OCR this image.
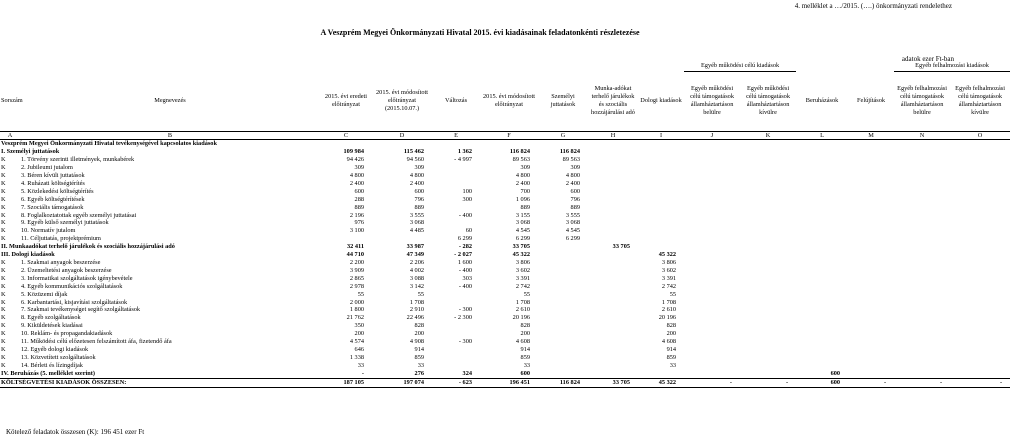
4. melléklet a …/2015. (….) önkormányzati rendelethez
A Veszprém Megyei Önkormányzati Hivatal 2015. évi kiadásainak feladatonkénti részletezése
adatok ezer Ft-ban
									Egyéb működési célú kiadások				Egyéb felhalmozási kiadások	
Sorszám	Megnevezés	2015. évi eredeti előirányzat	2015. évi módosított előirányzat (2015.10.07.)	Változás	2015. évi módosított előirányzat	Személyi juttatások	Munka-adókat terhelő járulékok és szociális hozzájárulási adó	Dologi kiadások	Egyéb működési célú támogatások államháztartáson belülre	Egyéb működési célú támogatások államháztartáson kívülre	Beruházások	Felújítások	Egyéb felhalmozási célú támogatások államháztartáson belülre	Egyéb felhalmozási célú támogatások államháztartáson kívülre
A	B	C	D	E	F	G	H	I	J	K	L	M	N	O
Veszprém Megyei Önkormányzati Hivatal tevékenységével kapcsolatos kiadások														
I. Személyi juttatások		109 984	115 462	1 362	116 824	116 824								
K	1. Törvény szerinti illetmények, munkabérek	94 426	94 560	- 4 997	89 563	89 563								
K	2. Jubileumi jutalom	309	309		309	309								
K	3. Béren kívüli juttatások	4 800	4 800		4 800	4 800								
K	4. Ruházati költségtérítés	2 400	2 400		2 400	2 400								
K	5. Közlekedési költségtérítés	600	600	100	700	600								
K	6. Egyéb költségtérítések	288	796	300	1 096	796								
K	7. Szociális támogatások	889	889		889	889								
K	8. Foglalkoztatottak egyéb személyi juttatásai	2 196	3 555	- 400	3 155	3 555								
K	9. Egyéb külső személyi juttatások	976	3 068		3 068	3 068								
K	10. Normatív jutalom	3 100	4 485	60	4 545	4 545								
K	11. Céljuttatás, projektprémium			6 299	6 299	6 299								
II. Munkaadókat terhelő járulékok és szociális hozzájárulási adó		32 411	33 987	- 282	33 705		33 705							
III. Dologi kiadások		44 710	47 349	- 2 027	45 322			45 322						
K	1. Szakmai anyagok beszerzése	2 200	2 206	1 600	3 806			3 806						
K	2. Üzemeltetési anyagok beszerzése	3 909	4 002	- 400	3 602			3 602						
K	3. Informatikai szolgáltatások igénybevétele	2 865	3 088	303	3 391			3 391						
K	4. Egyéb kommunikációs szolgáltatások	2 978	3 142	- 400	2 742			2 742						
K	5. Közüzemi díjak	55	55		55			55						
K	6. Karbantartási, kisjavítási szolgáltatások	2 000	1 708		1 708			1 708						
K	7. Szakmai tevékenységet segítő szolgáltatások	1 800	2 910	- 300	2 610			2 610						
K	8. Egyéb szolgáltatások	21 762	22 496	- 2 300	20 196			20 196						
K	9. Kiküldetések kiadásai	350	828		828			828						
K	10. Reklám- és propagandakiadások	200	200		200			200						
K	11. Működési célú előzetesen felszámított áfa, fizetendő áfa	4 574	4 908	- 300	4 608			4 608						
K	12. Egyéb dologi kiadások	646	914		914			914						
K	13. Közvetített szolgáltatások	1 338	859		859			859						
K	14. Bérleti és lízingdíjak	33	33		33			33						
IV. Beruházás (5. melléklet szerint)		-	276	324	600						600			
KÖLTSÉGVETÉSI KIADÁSOK ÖSSZESEN:		187 105	197 074	- 623	196 451	116 824	33 705	45 322	-	-	600	-	-	-
Kötelező feladatok összesen (K): 196 451 ezer Ft
